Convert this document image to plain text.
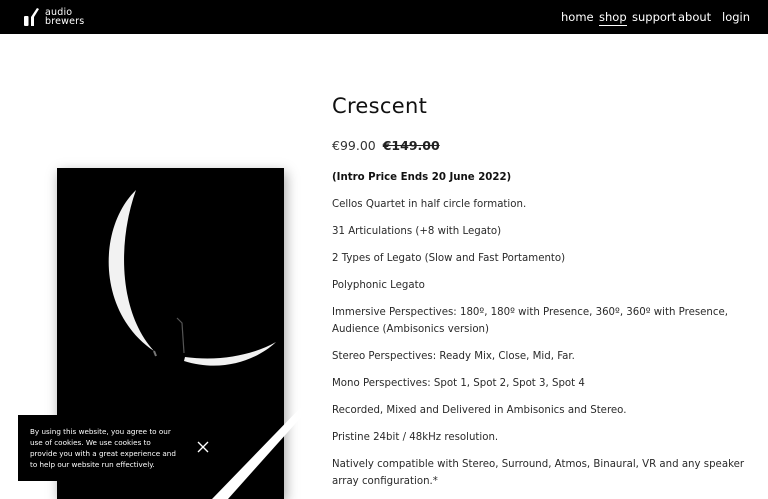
audio
brewers	home shop support about login
Crescent
€99.00 €149.00
(Intro Price Ends 20 June 2022)
Cellos Quartet in half circle formation.
31 Articulations (+8 with Legato)
2 Types of Legato (Slow and Fast Portamento)
Polyphonic Legato
Immersive Perspectives: 180º, 180º with Presence, 360º, 360º with Presence,
Audience (Ambisonics version)
Stereo Perspectives: Ready Mix, Close, Mid, Far.
Mono Perspectives: Spot 1, Spot 2, Spot 3, Spot 4
Recorded, Mixed and Delivered in Ambisonics and Stereo.
Pristine 24bit / 48kHz resolution.
Natively compatible with Stereo, Surround, Atmos, Binaural, VR and any speaker
array configuration.*
By using this website, you agree to our
use of cookies. We use cookies to
provide you with a great experience and
to help our website run effectively.
